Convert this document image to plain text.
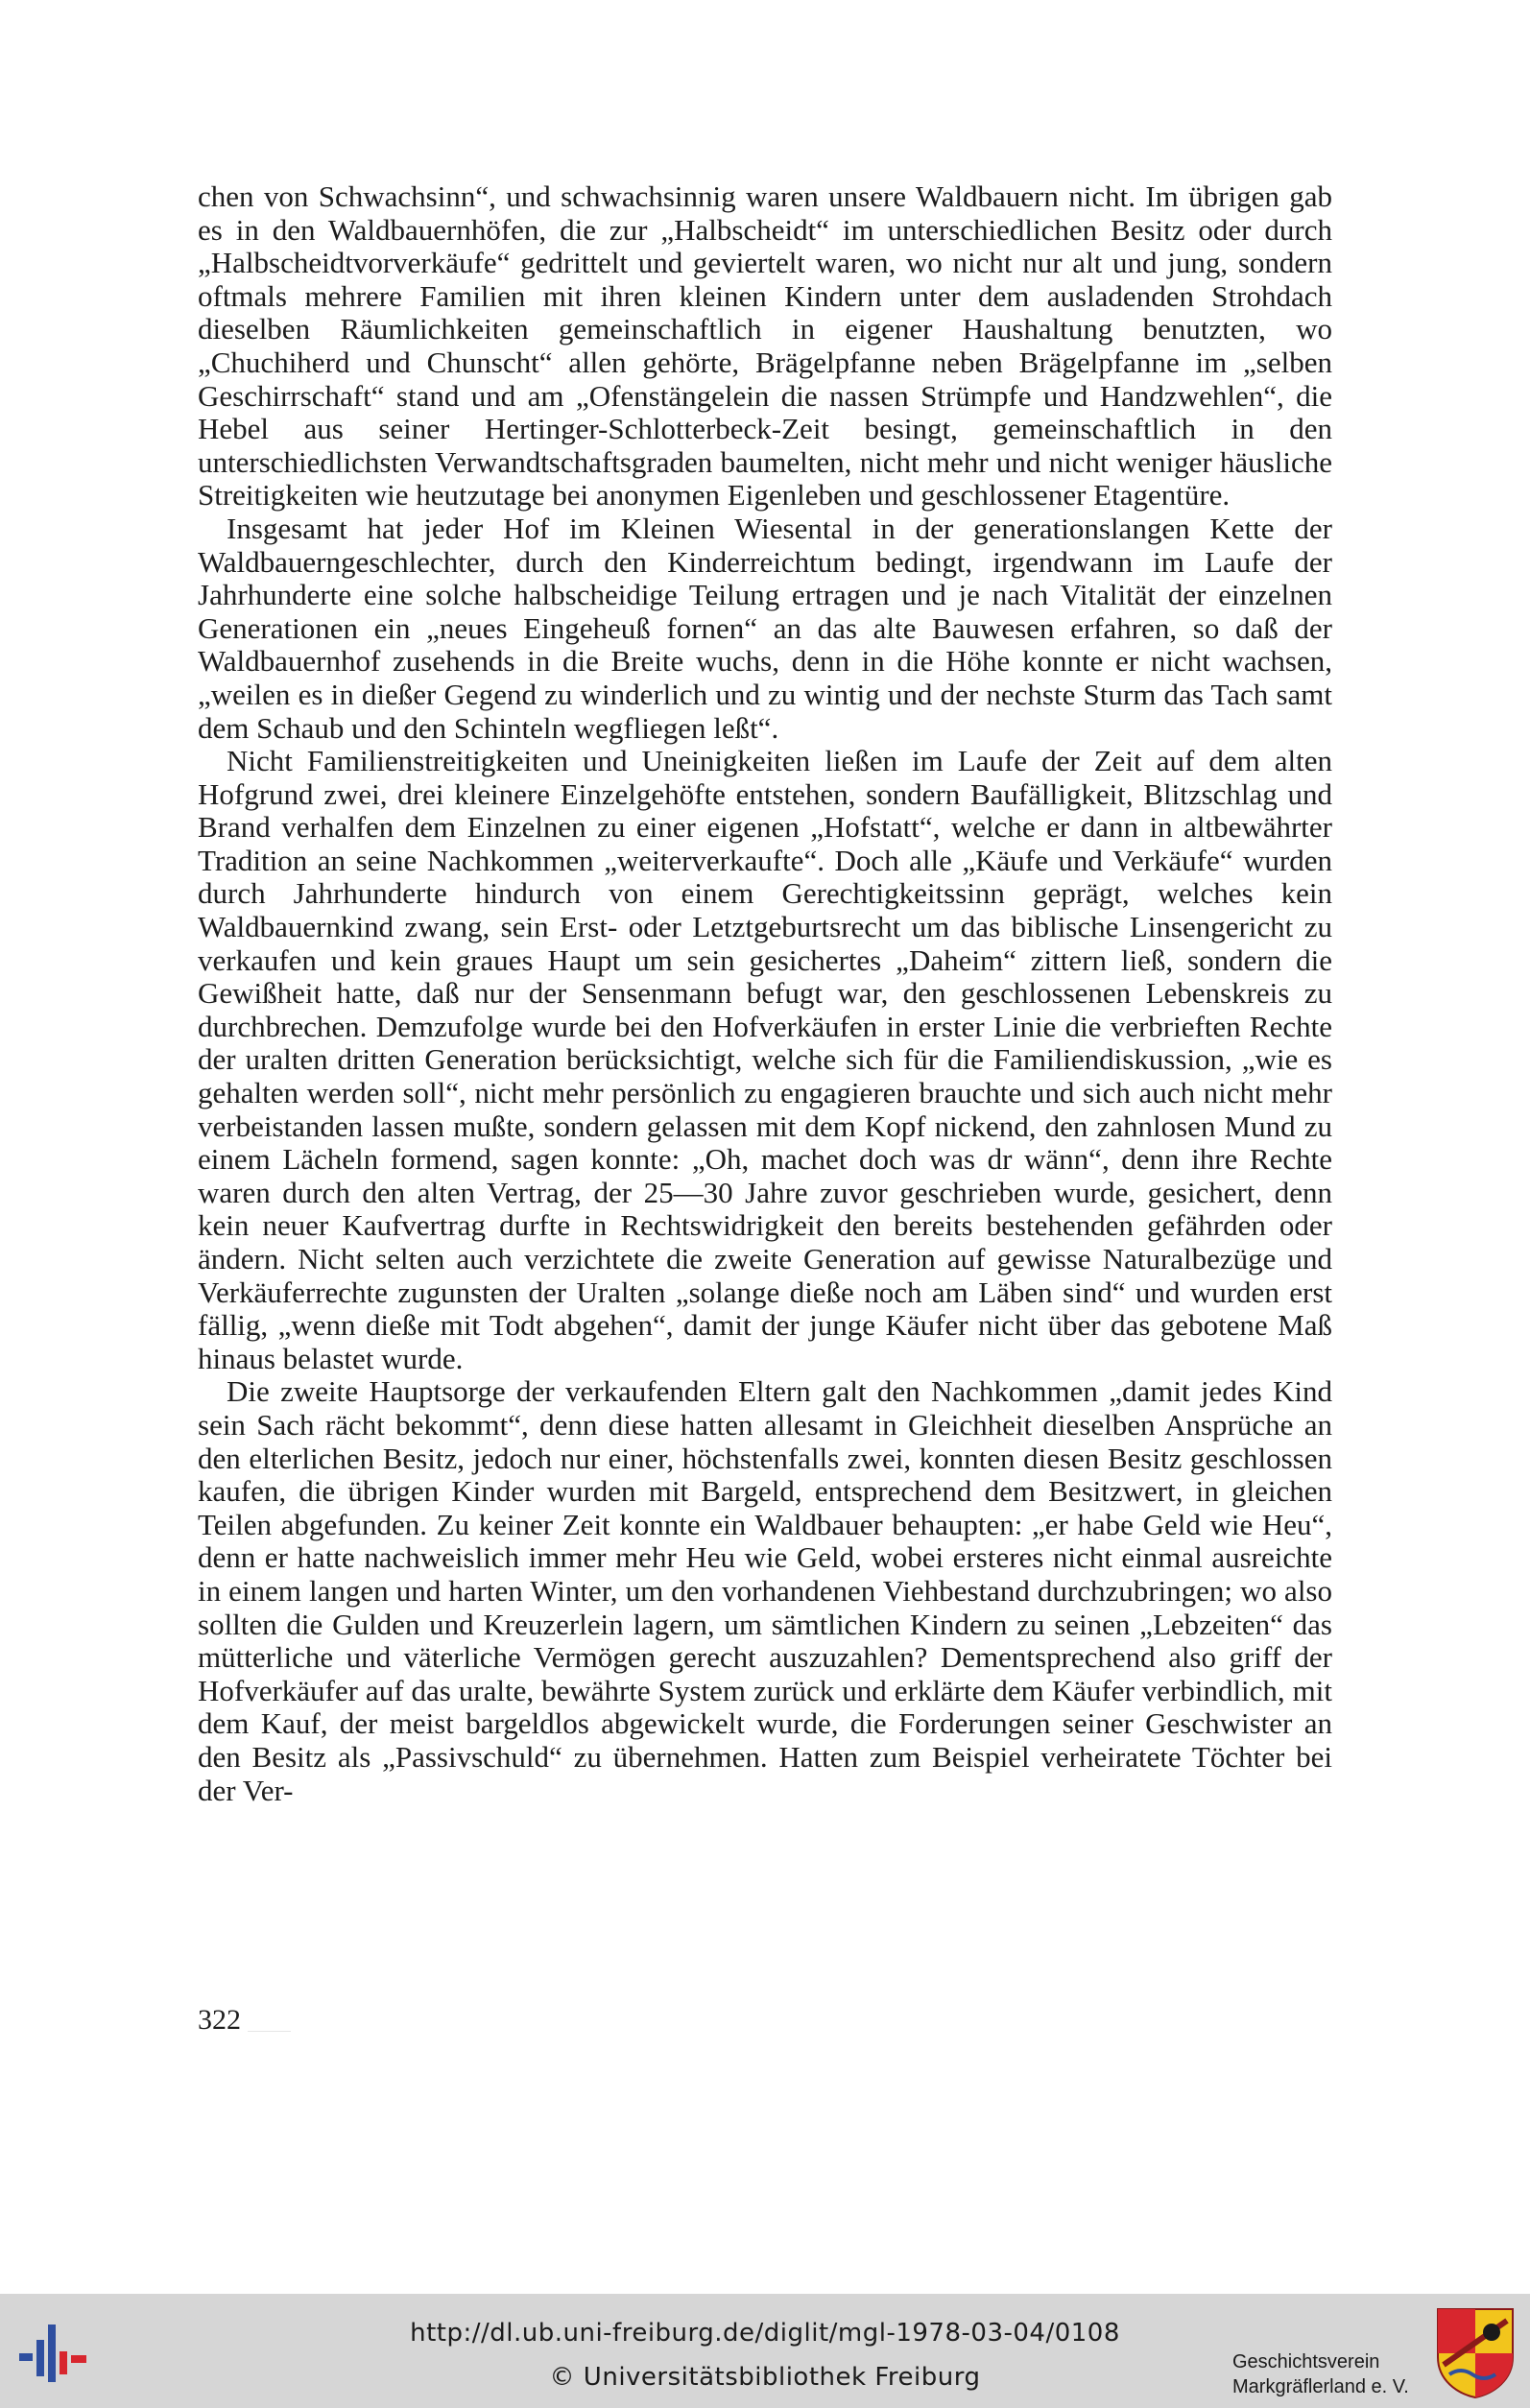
chen von Schwachsinn“, und schwachsinnig waren unsere Waldbauern nicht. Im übrigen gab es in den Waldbauernhöfen, die zur „Halbscheidt“ im unterschiedlichen Besitz oder durch „Halbscheidtvorverkäufe“ gedrittelt und geviertelt waren, wo nicht nur alt und jung, sondern oftmals mehrere Familien mit ihren kleinen Kindern unter dem ausladenden Strohdach dieselben Räumlichkeiten gemeinschaftlich in eigener Haushaltung benutzten, wo „Chuchiherd und Chunscht“ allen gehörte, Brägelpfanne neben Brägelpfanne im „selben Geschirrschaft“ stand und am „Ofenstängelein die nassen Strümpfe und Handzwehlen“, die Hebel aus seiner Hertinger-Schlotterbeck-Zeit besingt, gemeinschaftlich in den unterschiedlichsten Verwandtschaftsgraden baumelten, nicht mehr und nicht weniger häusliche Streitigkeiten wie heutzutage bei anonymen Eigenleben und geschlossener Etagentüre.

Insgesamt hat jeder Hof im Kleinen Wiesental in der generationslangen Kette der Waldbauerngeschlechter, durch den Kinderreichtum bedingt, irgendwann im Laufe der Jahrhunderte eine solche halbscheidige Teilung ertragen und je nach Vitalität der einzelnen Generationen ein „neues Eingeheuß fornen“ an das alte Bauwesen erfahren, so daß der Waldbauernhof zusehends in die Breite wuchs, denn in die Höhe konnte er nicht wachsen, „weilen es in dießer Gegend zu winderlich und zu wintig und der nechste Sturm das Tach samt dem Schaub und den Schinteln wegfliegen leßt“.

Nicht Familienstreitigkeiten und Uneinigkeiten ließen im Laufe der Zeit auf dem alten Hofgrund zwei, drei kleinere Einzelgehöfte entstehen, sondern Baufälligkeit, Blitzschlag und Brand verhalfen dem Einzelnen zu einer eigenen „Hofstatt“, welche er dann in altbewährter Tradition an seine Nachkommen „weiterverkaufte“. Doch alle „Käufe und Verkäufe“ wurden durch Jahrhunderte hindurch von einem Gerechtigkeitssinn geprägt, welches kein Waldbauernkind zwang, sein Erst- oder Letztgeburtsrecht um das biblische Linsengericht zu verkaufen und kein graues Haupt um sein gesichertes „Daheim“ zittern ließ, sondern die Gewißheit hatte, daß nur der Sensenmann befugt war, den geschlossenen Lebenskreis zu durchbrechen. Demzufolge wurde bei den Hofverkäufen in erster Linie die verbrieften Rechte der uralten dritten Generation berücksichtigt, welche sich für die Familiendiskussion, „wie es gehalten werden soll“, nicht mehr persönlich zu engagieren brauchte und sich auch nicht mehr verbeistanden lassen mußte, sondern gelassen mit dem Kopf nickend, den zahnlosen Mund zu einem Lächeln formend, sagen konnte: „Oh, machet doch was dr wänn“, denn ihre Rechte waren durch den alten Vertrag, der 25—30 Jahre zuvor geschrieben wurde, gesichert, denn kein neuer Kaufvertrag durfte in Rechtswidrigkeit den bereits bestehenden gefährden oder ändern. Nicht selten auch verzichtete die zweite Generation auf gewisse Naturalbezüge und Verkäuferrechte zugunsten der Uralten „solange dieße noch am Läben sind“ und wurden erst fällig, „wenn dieße mit Todt abgehen“, damit der junge Käufer nicht über das gebotene Maß hinaus belastet wurde.

Die zweite Hauptsorge der verkaufenden Eltern galt den Nachkommen „damit jedes Kind sein Sach rächt bekommt“, denn diese hatten allesamt in Gleichheit dieselben Ansprüche an den elterlichen Besitz, jedoch nur einer, höchstenfalls zwei, konnten diesen Besitz geschlossen kaufen, die übrigen Kinder wurden mit Bargeld, entsprechend dem Besitzwert, in gleichen Teilen abgefunden. Zu keiner Zeit konnte ein Waldbauer behaupten: „er habe Geld wie Heu“, denn er hatte nachweislich immer mehr Heu wie Geld, wobei ersteres nicht einmal ausreichte in einem langen und harten Winter, um den vorhandenen Viehbestand durchzubringen; wo also sollten die Gulden und Kreuzerlein lagern, um sämtlichen Kindern zu seinen „Lebzeiten“ das mütterliche und väterliche Vermögen gerecht auszuzahlen? Dementsprechend also griff der Hofverkäufer auf das uralte, bewährte System zurück und erklärte dem Käufer verbindlich, mit dem Kauf, der meist bargeldlos abgewickelt wurde, die Forderungen seiner Geschwister an den Besitz als „Passivschuld“ zu übernehmen. Hatten zum Beispiel verheiratete Töchter bei der Ver-

322
http://dl.ub.uni-freiburg.de/diglit/mgl-1978-03-04/0108
© Universitätsbibliothek Freiburg
Geschichtsverein
Markgräflerland e. V.
